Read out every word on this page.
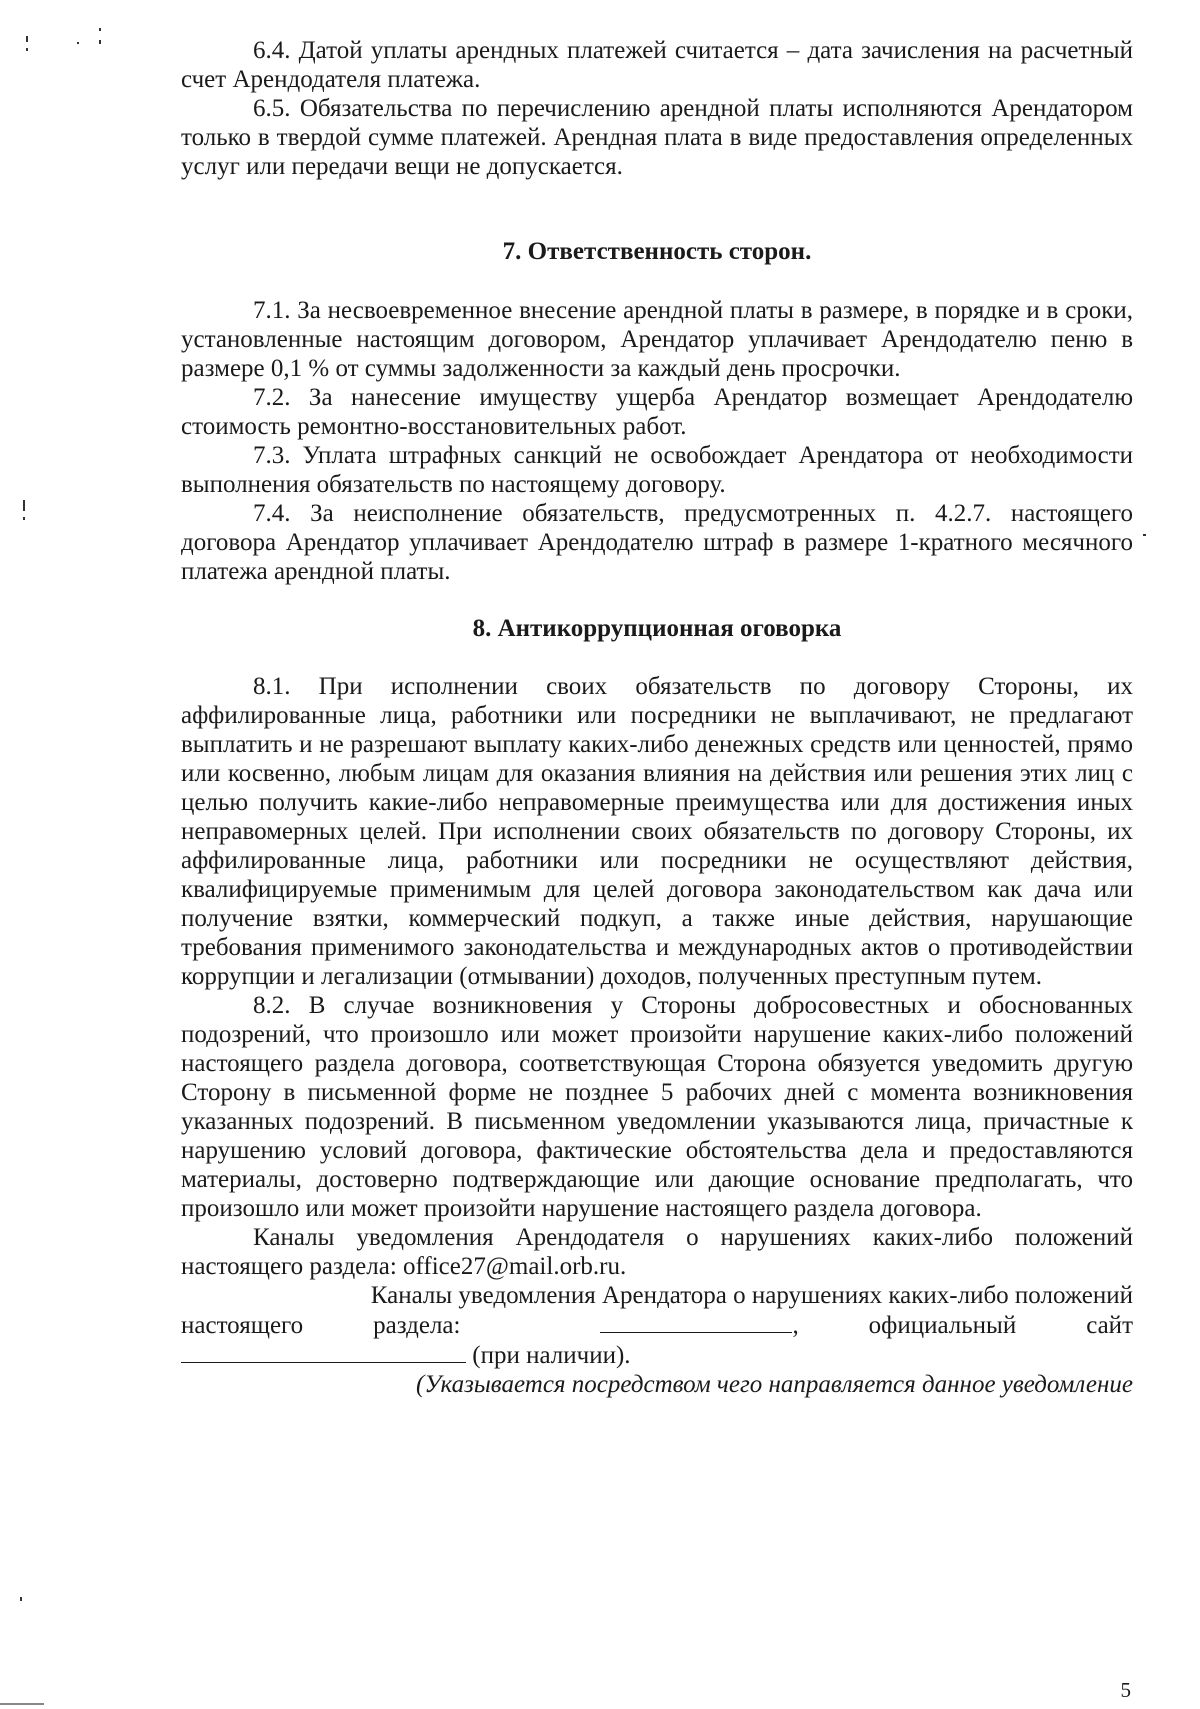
6.4. Датой уплаты арендных платежей считается – дата зачисления на расчетный счет Арендодателя платежа.

6.5. Обязательства по перечислению арендной платы исполняются Арендатором только в твердой сумме платежей. Арендная плата в виде предоставления определенных услуг или передачи вещи не допускается.

7. Ответственность сторон.

7.1. За несвоевременное внесение арендной платы в размере, в порядке и в сроки, установленные настоящим договором, Арендатор уплачивает Арендодателю пеню в размере 0,1 % от суммы задолженности за каждый день просрочки.

7.2. За нанесение имуществу ущерба Арендатор возмещает Арендодателю стоимость ремонтно-восстановительных работ.

7.3. Уплата штрафных санкций не освобождает Арендатора от необходимости выполнения обязательств по настоящему договору.

7.4. За неисполнение обязательств, предусмотренных п. 4.2.7. настоящего договора Арендатор уплачивает Арендодателю штраф в размере 1-кратного месячного платежа арендной платы.

8. Антикоррупционная оговорка

8.1. При исполнении своих обязательств по договору Стороны, их аффилированные лица, работники или посредники не выплачивают, не предлагают выплатить и не разрешают выплату каких-либо денежных средств или ценностей, прямо или косвенно, любым лицам для оказания влияния на действия или решения этих лиц с целью получить какие-либо неправомерные преимущества или для достижения иных неправомерных целей. При исполнении своих обязательств по договору Стороны, их аффилированные лица, работники или посредники не осуществляют действия, квалифицируемые применимым для целей договора законодательством как дача или получение взятки, коммерческий подкуп, а также иные действия, нарушающие требования применимого законодательства и международных актов о противодействии коррупции и легализации (отмывании) доходов, полученных преступным путем.

8.2. В случае возникновения у Стороны добросовестных и обоснованных подозрений, что произошло или может произойти нарушение каких-либо положений настоящего раздела договора, соответствующая Сторона обязуется уведомить другую Сторону в письменной форме не позднее 5 рабочих дней с момента возникновения указанных подозрений. В письменном уведомлении указываются лица, причастные к нарушению условий договора, фактические обстоятельства дела и предоставляются материалы, достоверно подтверждающие или дающие основание предполагать, что произошло или может произойти нарушение настоящего раздела договора.

Каналы уведомления Арендодателя о нарушениях каких-либо положений настоящего раздела: office27@mail.orb.ru.

Каналы уведомления Арендатора о нарушениях каких-либо положений

настоящего	раздела:	,	официальный	сайт
(при наличии).

(Указывается посредством чего направляется данное уведомление

5
